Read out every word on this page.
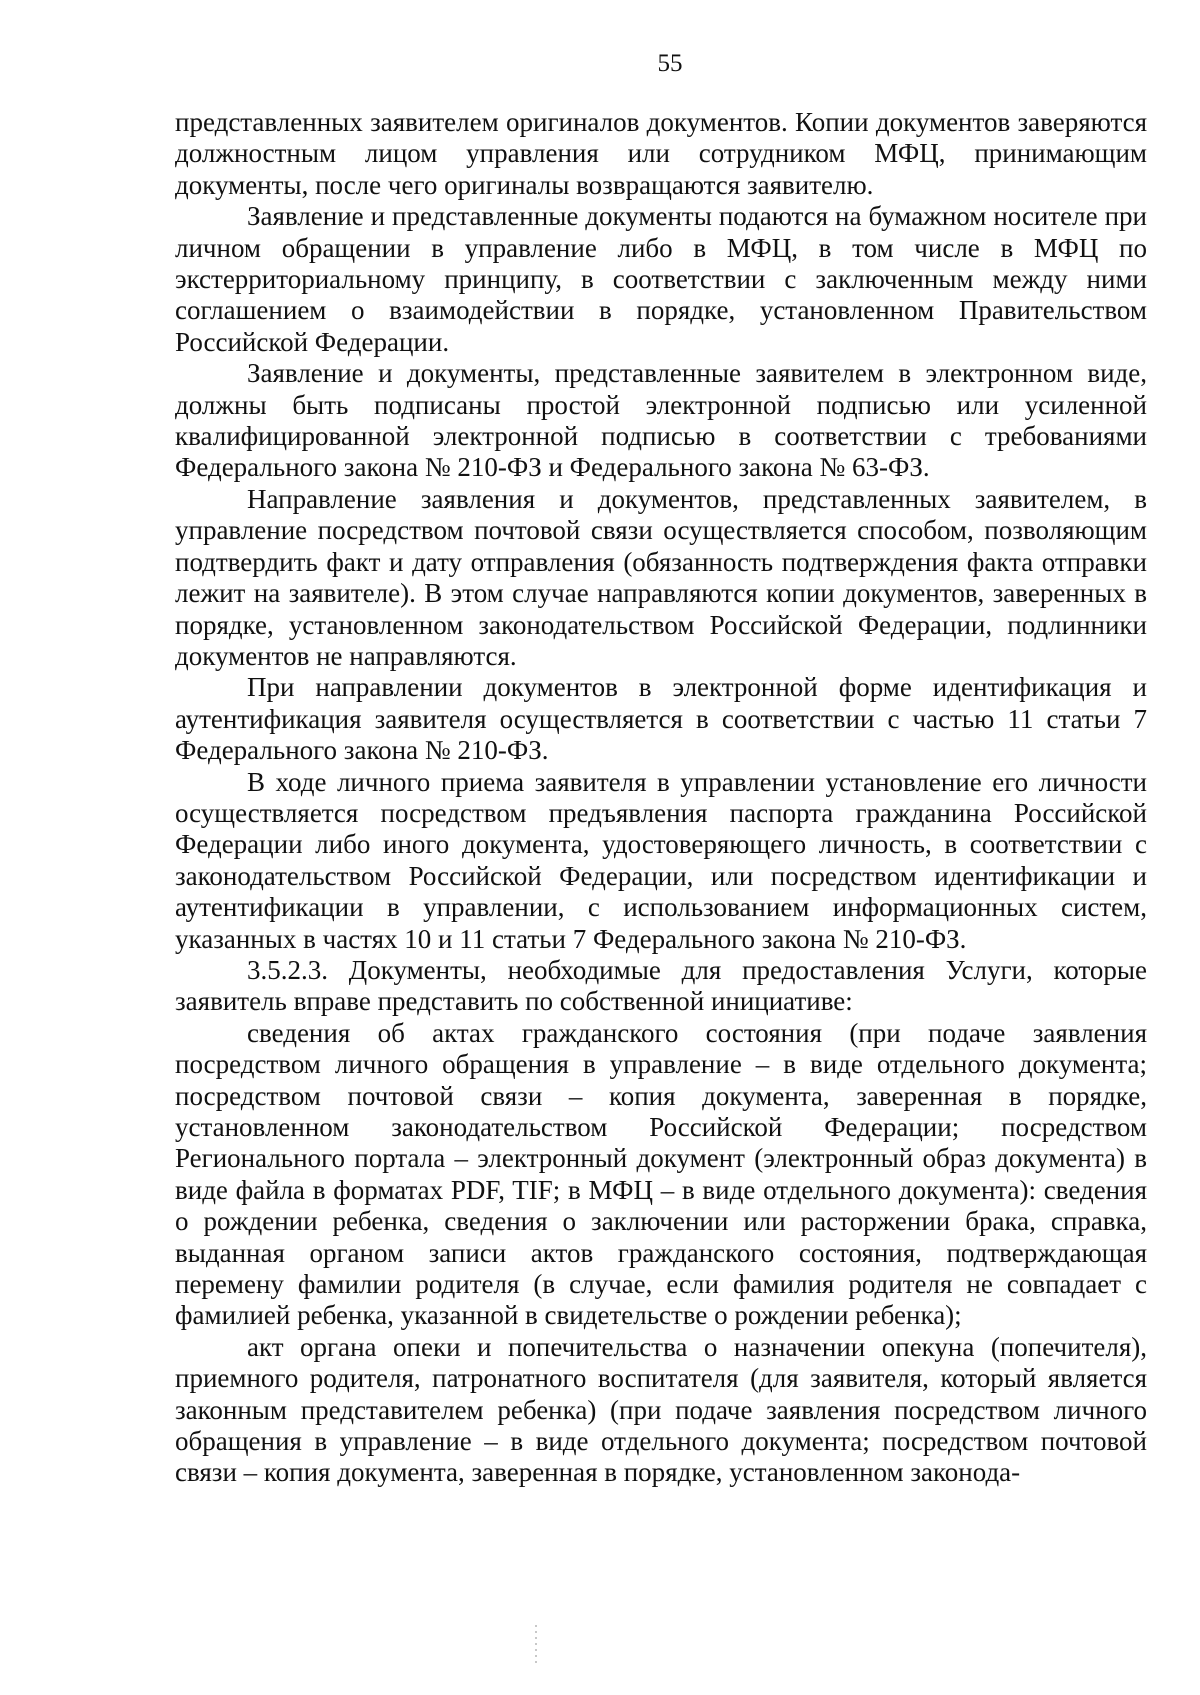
55

представленных заявителем оригиналов документов. Копии документов заверяются должностным лицом управления или сотрудником МФЦ, принимающим документы, после чего оригиналы возвращаются заявителю.

Заявление и представленные документы подаются на бумажном носителе при личном обращении в управление либо в МФЦ, в том числе в МФЦ по экстерриториальному принципу, в соответствии с заключенным между ними соглашением о взаимодействии в порядке, установленном Правительством Российской Федерации.

Заявление и документы, представленные заявителем в электронном виде, должны быть подписаны простой электронной подписью или усиленной квалифицированной электронной подписью в соответствии с требованиями Федерального закона № 210-ФЗ и Федерального закона № 63-ФЗ.

Направление заявления и документов, представленных заявителем, в управление посредством почтовой связи осуществляется способом, позволяющим подтвердить факт и дату отправления (обязанность подтверждения факта отправки лежит на заявителе). В этом случае направляются копии документов, заверенных в порядке, установленном законодательством Российской Федерации, подлинники документов не направляются.

При направлении документов в электронной форме идентификация и аутентификация заявителя осуществляется в соответствии с частью 11 статьи 7 Федерального закона № 210-ФЗ.

В ходе личного приема заявителя в управлении установление его личности осуществляется посредством предъявления паспорта гражданина Российской Федерации либо иного документа, удостоверяющего личность, в соответствии с законодательством Российской Федерации, или посредством идентификации и аутентификации в управлении, с использованием информационных систем, указанных в частях 10 и 11 статьи 7 Федерального закона № 210-ФЗ.

3.5.2.3. Документы, необходимые для предоставления Услуги, которые заявитель вправе представить по собственной инициативе:

сведения об актах гражданского состояния (при подаче заявления посредством личного обращения в управление – в виде отдельного документа; посредством почтовой связи – копия документа, заверенная в порядке, установленном законодательством Российской Федерации; посредством Регионального портала – электронный документ (электронный образ документа) в виде файла в форматах PDF, TIF; в МФЦ – в виде отдельного документа): сведения о рождении ребенка, сведения о заключении или расторжении брака, справка, выданная органом записи актов гражданского состояния, подтверждающая перемену фамилии родителя (в случае, если фамилия родителя не совпадает с фамилией ребенка, указанной в свидетельстве о рождении ребенка);

акт органа опеки и попечительства о назначении опекуна (попечителя), приемного родителя, патронатного воспитателя (для заявителя, который является законным представителем ребенка) (при подаче заявления посредством личного обращения в управление – в виде отдельного документа; посредством почтовой связи – копия документа, заверенная в порядке, установленном законода-
